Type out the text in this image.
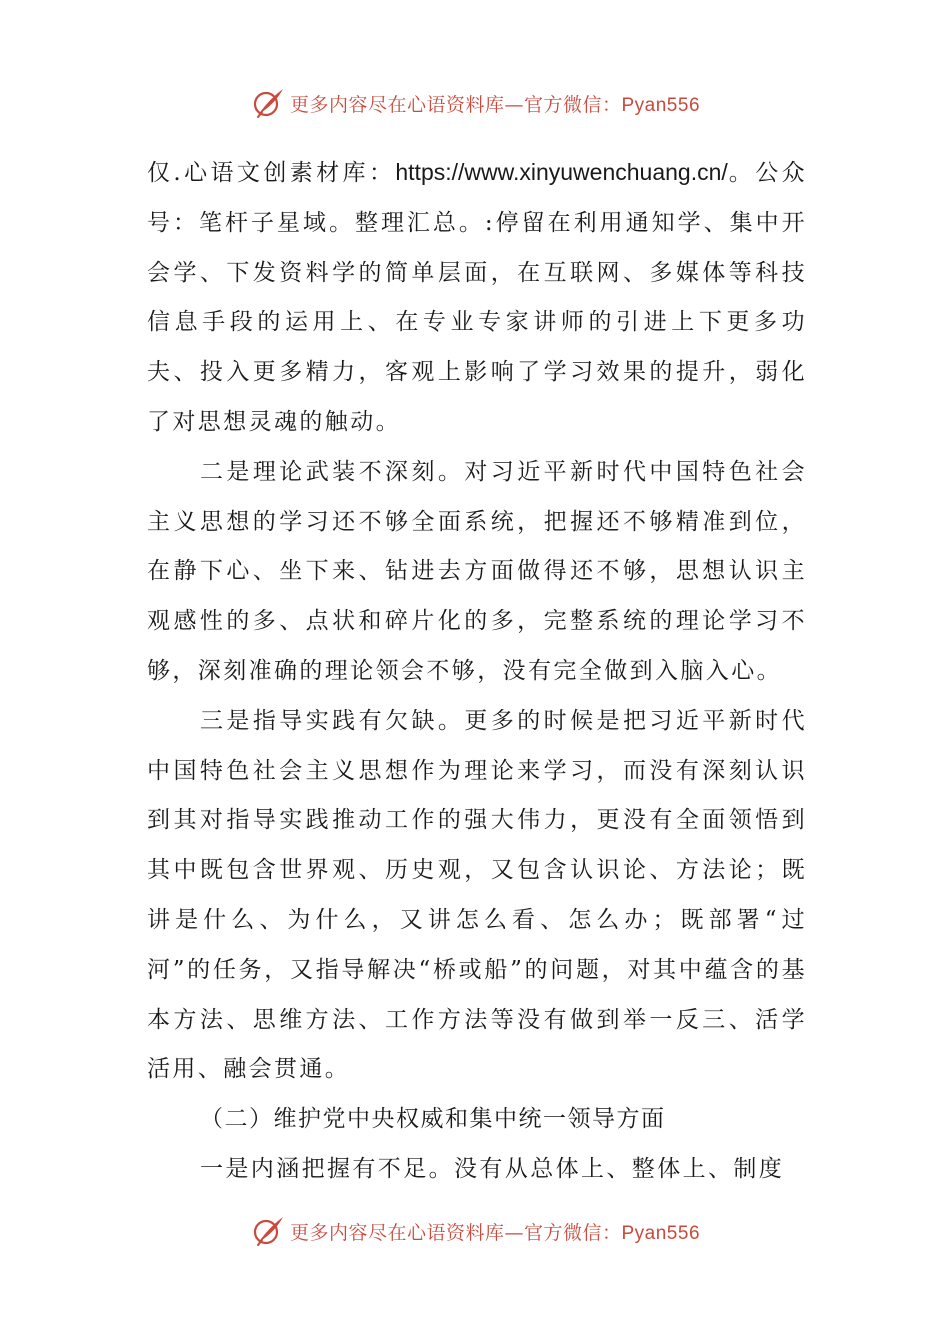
更多内容尽在心语资料库—官方微信：Pyan556

仅.心语文创素材库：https://www.xinyuwenchuang.cn/。公众号：笔杆子星域。整理汇总。:停留在利用通知学、集中开会学、下发资料学的简单层面，在互联网、多媒体等科技信息手段的运用上、在专业专家讲师的引进上下更多功夫、投入更多精力，客观上影响了学习效果的提升，弱化了对思想灵魂的触动。

二是理论武装不深刻。对习近平新时代中国特色社会主义思想的学习还不够全面系统，把握还不够精准到位，在静下心、坐下来、钻进去方面做得还不够，思想认识主观感性的多、点状和碎片化的多，完整系统的理论学习不够，深刻准确的理论领会不够，没有完全做到入脑入心。

三是指导实践有欠缺。更多的时候是把习近平新时代中国特色社会主义思想作为理论来学习，而没有深刻认识到其对指导实践推动工作的强大伟力，更没有全面领悟到其中既包含世界观、历史观，又包含认识论、方法论；既讲是什么、为什么，又讲怎么看、怎么办；既部署“过河”的任务，又指导解决“桥或船”的问题，对其中蕴含的基本方法、思维方法、工作方法等没有做到举一反三、活学活用、融会贯通。

（二）维护党中央权威和集中统一领导方面

一是内涵把握有不足。没有从总体上、整体上、制度

更多内容尽在心语资料库—官方微信：Pyan556
